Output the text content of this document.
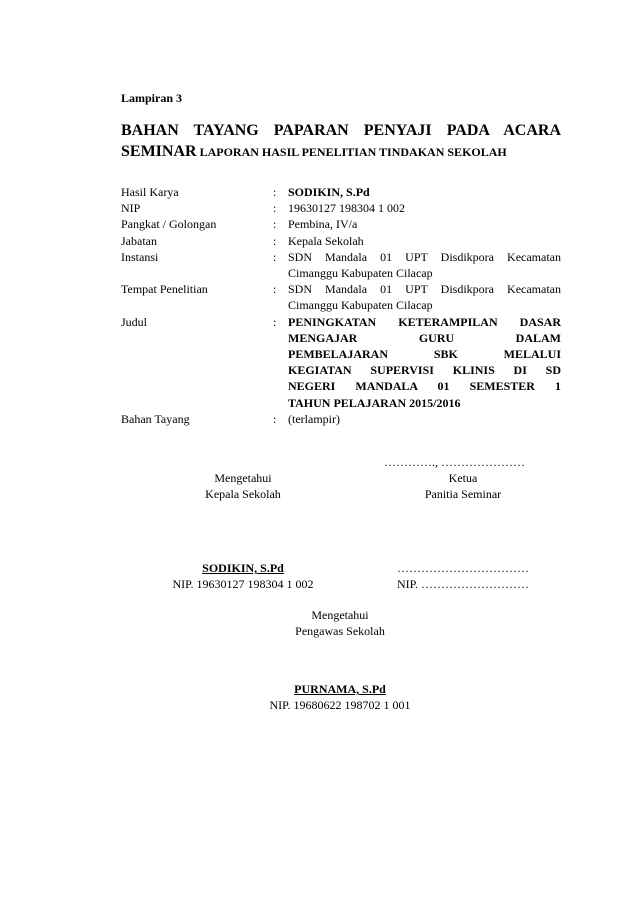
Lampiran 3
BAHAN TAYANG PAPARAN PENYAJI PADA ACARA
SEMINAR LAPORAN HASIL PENELITIAN TINDAKAN SEKOLAH
Hasil Karya	: SODIKIN, S.Pd
NIP	: 19630127 198304 1 002
Pangkat / Golongan	: Pembina, IV/a
Jabatan	: Kepala Sekolah
Instansi	: SDN Mandala 01 UPT Disdikpora Kecamatan
Cimanggu Kabupaten Cilacap
Tempat Penelitian	: SDN Mandala 01 UPT Disdikpora Kecamatan
Cimanggu Kabupaten Cilacap
Judul	: PENINGKATAN KETERAMPILAN DASAR
MENGAJAR GURU DALAM
PEMBELAJARAN SBK MELALUI
KEGIATAN SUPERVISI KLINIS DI SD
NEGERI MANDALA 01 SEMESTER 1
TAHUN PELAJARAN 2015/2016
Bahan Tayang	: (terlampir)
…………., …………………
Mengetahui
Kepala Sekolah
SODIKIN, S.Pd
NIP. 19630127 198304 1 002
Ketua
Panitia Seminar
……………………………
NIP. ………………………
Mengetahui
Pengawas Sekolah
PURNAMA, S.Pd
NIP. 19680622 198702 1 001
